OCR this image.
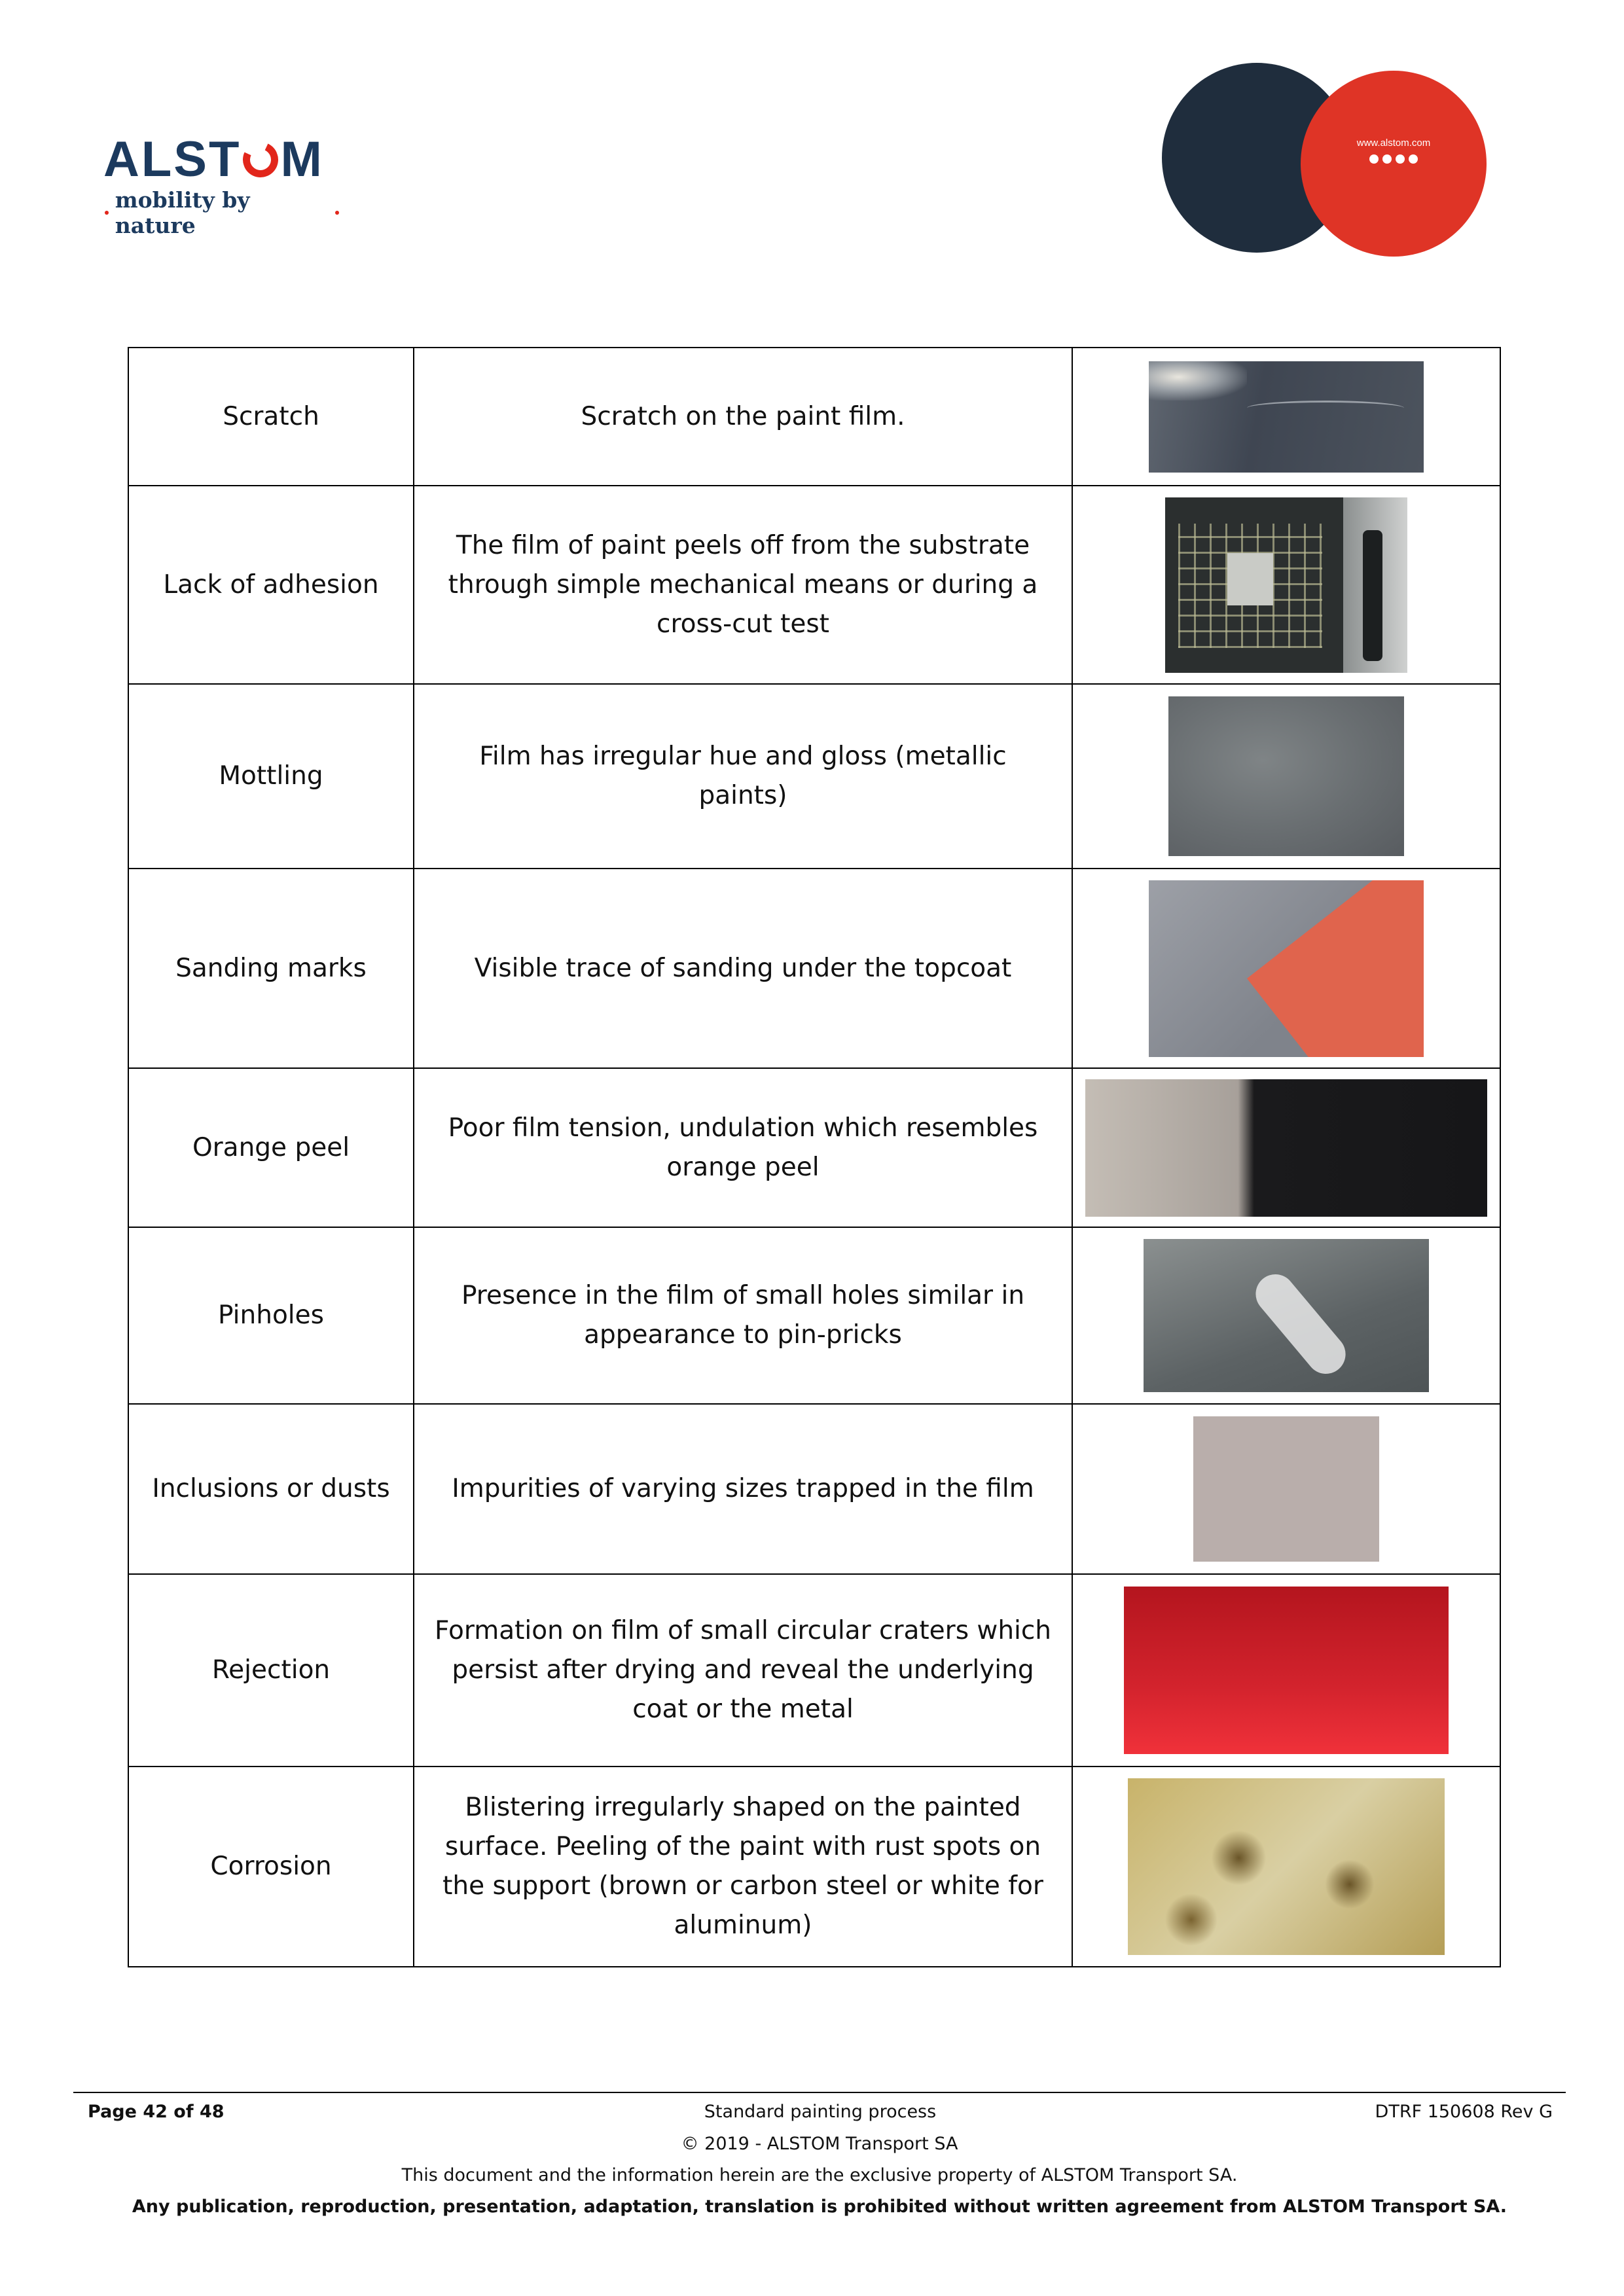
ALST M
mobility by nature
www.alstom.com
Scratch	Scratch on the paint film.	

Lack of adhesion	The film of paint peels off from the substrate through simple mechanical means or during a cross-cut test	

Mottling	Film has irregular hue and gloss (metallic paints)	

Sanding marks	Visible trace of sanding under the topcoat	

Orange peel	Poor film tension, undulation which resembles orange peel	

Pinholes	Presence in the film of small holes similar in appearance to pin-pricks	

Inclusions or dusts	Impurities of varying sizes trapped in the film	

Rejection	Formation on film of small circular craters which persist after drying and reveal the underlying coat or the metal	

Corrosion	Blistering irregularly shaped on the painted surface. Peeling of the paint with rust spots on the support (brown or carbon steel or white for aluminum)	
Page 42 of 48	Standard painting process	DTRF 150608 Rev G
© 2019 - ALSTOM Transport SA
This document and the information herein are the exclusive property of ALSTOM Transport SA.
Any publication, reproduction, presentation, adaptation, translation is prohibited without written agreement from ALSTOM Transport SA.
